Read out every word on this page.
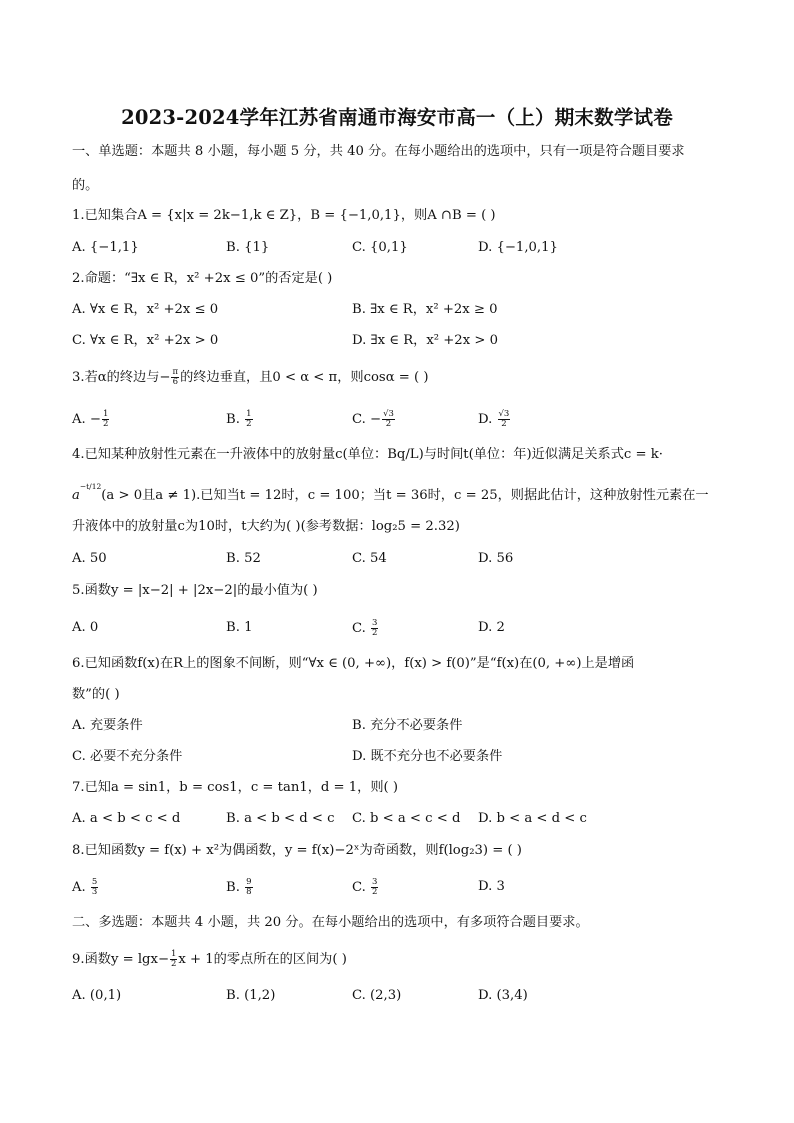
2023-2024学年江苏省南通市海安市高一（上）期末数学试卷
一、单选题：本题共 8 小题，每小题 5 分，共 40 分。在每小题给出的选项中，只有一项是符合题目要求
的。
1.已知集合A = {x|x = 2k−1,k ∈ Z}，B = {−1,0,1}，则A ∩B = ( )
A. {−1,1}	B. {1}	C. {0,1}	D. {−1,0,1}
2.命题：“∃x ∈ R，x² +2x ≤ 0”的否定是( )
A. ∀x ∈ R，x² +2x ≤ 0	B. ∃x ∈ R，x² +2x ≥ 0
C. ∀x ∈ R，x² +2x > 0	D. ∃x ∈ R，x² +2x > 0
3.若α的终边与− $\frac{\pi}{6}$ 的终边垂直，且0 < α < π，则cosα = ( )
A. − $\frac{1}{2}$	B. $\frac{1}{2}$	C. − $\frac{√3}{2}$	D. $\frac{√3}{2}$
4.已知某种放射性元素在一升液体中的放射量c(单位：Bq/L)与时间t(单位：年)近似满足关系式c = k·
$a^{-t/12}(a > 0$且a ≠ 1).已知当t = 12时，c = 100；当t = 36时，c = 25，则据此估计，这种放射性元素在一
升液体中的放射量c为10时，t大约为( )(参考数据：log₂5 = 2.32)
A. 50	B. 52	C. 54	D. 56
5.函数y = |x−2| + |2x−2|的最小值为( )
A. 0	B. 1	C. $\frac{3}{2}$	D. 2
6.已知函数f(x)在R上的图象不间断，则“∀x ∈ (0, +∞)，f(x) > f(0)”是“f(x)在(0, +∞)上是增函
数”的( )
A. 充要条件	B. 充分不必要条件
C. 必要不充分条件	D. 既不充分也不必要条件
7.已知a = sin1，b = cos1，c = tan1，d = 1，则( )
A. a < b < c < d	B. a < b < d < c C. b < a < c < d D. b < a < d < c
8.已知函数y = f(x) + x²为偶函数，y = f(x)−2ˣ为奇函数，则f(log₂3) = ( )
A. $\frac{5}{3}$	B. $\frac{9}{8}$	C. $\frac{3}{2}$	D. 3
二、多选题：本题共 4 小题，共 20 分。在每小题给出的选项中，有多项符合题目要求。
9.函数$y = \lg x- \frac{1}{2}$ x + 1的零点所在的区间为( )
A. (0,1)	B. (1,2)	C. (2,3)	D. (3,4)
